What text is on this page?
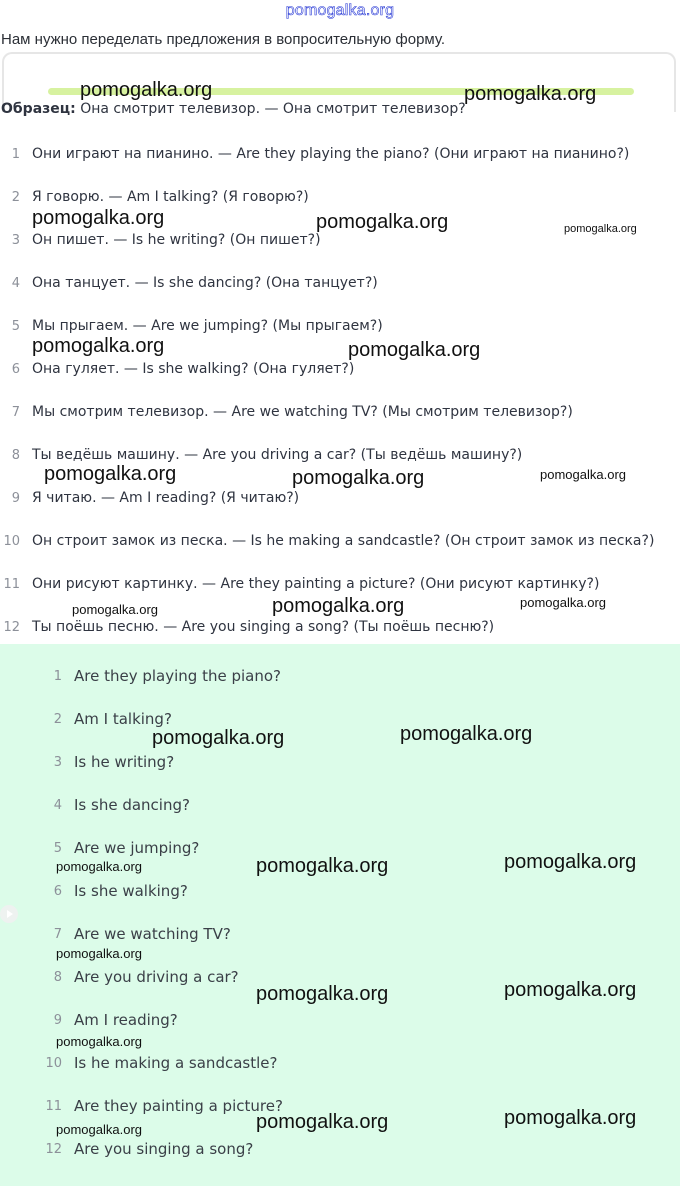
pomogalka.org
Нам нужно переделать предложения в вопросительную форму.
Образец: Она смотрит телевизор. — Она смотрит телевизор?
1 Они играют на пианино. — Are they playing the piano? (Они играют на пианино?)
2 Я говорю. — Am I talking? (Я говорю?)
3 Он пишет. — Is he writing? (Он пишет?)
4 Она танцует. — Is she dancing? (Она танцует?)
5 Мы прыгаем. — Are we jumping? (Мы прыгаем?)
6 Она гуляет. — Is she walking? (Она гуляет?)
7 Мы смотрим телевизор. — Are we watching TV? (Мы смотрим телевизор?)
8 Ты ведёшь машину. — Are you driving a car? (Ты ведёшь машину?)
9 Я читаю. — Am I reading? (Я читаю?)
10 Он строит замок из песка. — Is he making a sandcastle? (Он строит замок из песка?)
11 Они рисуют картинку. — Are they painting a picture? (Они рисуют картинку?)
12 Ты поёшь песню. — Are you singing a song? (Ты поёшь песню?)
1 Are they playing the piano?
2 Am I talking?
3 Is he writing?
4 Is she dancing?
5 Are we jumping?
6 Is she walking?
7 Are we watching TV?
8 Are you driving a car?
9 Am I reading?
10 Is he making a sandcastle?
11 Are they painting a picture?
12 Are you singing a song?
pomogalka.org	pomogalka.org
pomogalka.org	pomogalka.org	pomogalka.org
pomogalka.org	pomogalka.org
pomogalka.org	pomogalka.org	pomogalka.org
pomogalka.org	pomogalka.org	pomogalka.org
pomogalka.org	pomogalka.org
pomogalka.org	pomogalka.org	pomogalka.org
pomogalka.org
pomogalka.org	pomogalka.org
pomogalka.org
pomogalka.org	pomogalka.org	pomogalka.org
